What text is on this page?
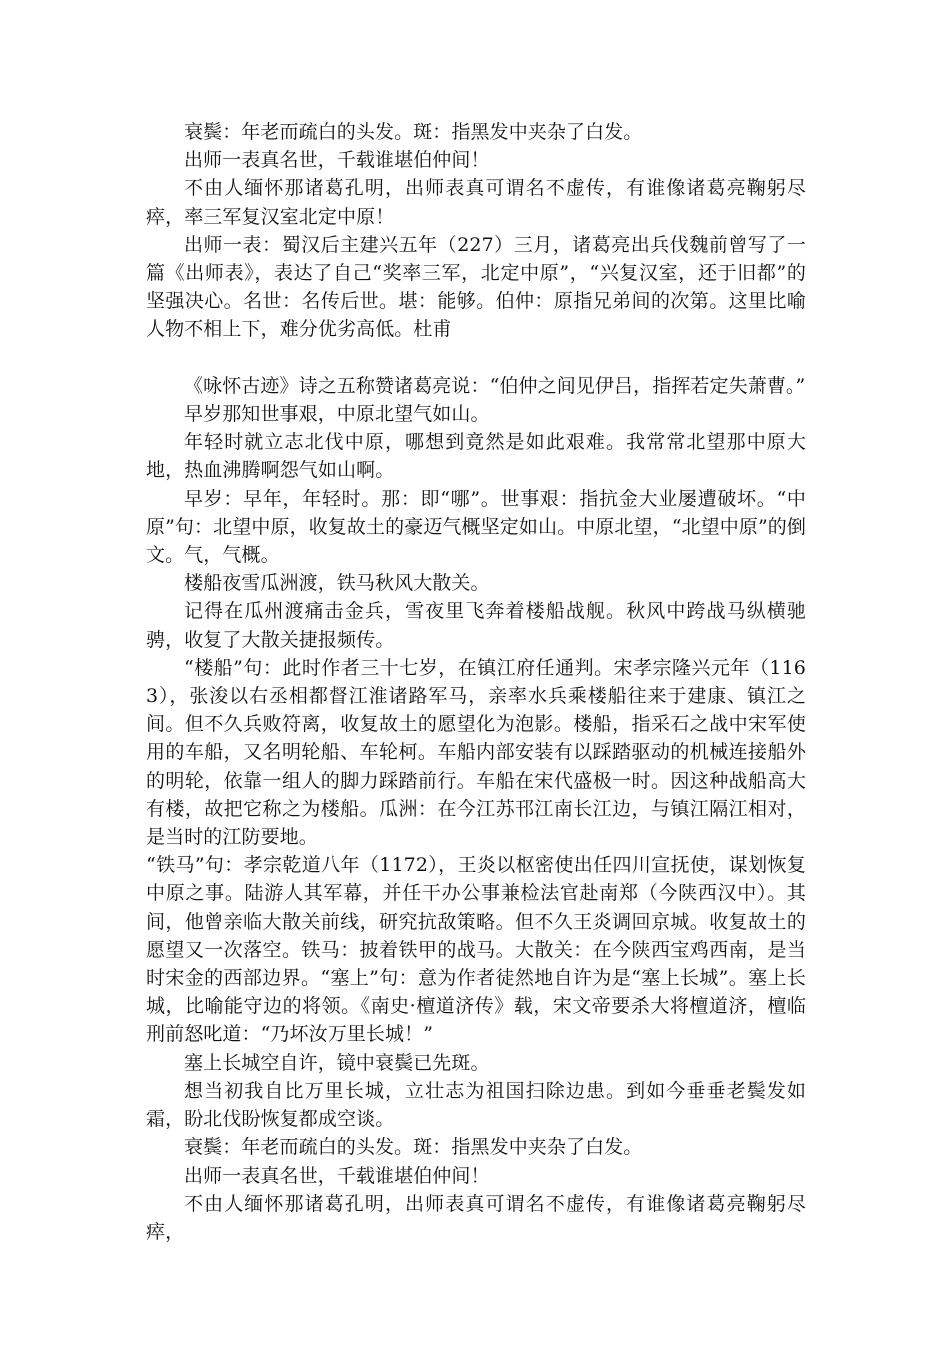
衰鬓：年老而疏白的头发。斑：指黑发中夹杂了白发。

出师一表真名世，千载谁堪伯仲间！

不由人缅怀那诸葛孔明，出师表真可谓名不虚传，有谁像诸葛亮鞠躬尽瘁，率三军复汉室北定中原！

出师一表：蜀汉后主建兴五年（227）三月，诸葛亮出兵伐魏前曾写了一篇《出师表》，表达了自己“奖率三军，北定中原”，“兴复汉室，还于旧都”的坚强决心。名世：名传后世。堪：能够。伯仲：原指兄弟间的次第。这里比喻人物不相上下，难分优劣高低。杜甫

《咏怀古迹》诗之五称赞诸葛亮说：“伯仲之间见伊吕，指挥若定失萧曹。”

早岁那知世事艰，中原北望气如山。

年轻时就立志北伐中原，哪想到竟然是如此艰难。我常常北望那中原大地，热血沸腾啊怨气如山啊。

早岁：早年，年轻时。那：即“哪”。世事艰：指抗金大业屡遭破坏。“中原”句：北望中原，收复故土的豪迈气概坚定如山。中原北望，“北望中原”的倒文。气，气概。

楼船夜雪瓜洲渡，铁马秋风大散关。

记得在瓜州渡痛击金兵，雪夜里飞奔着楼船战舰。秋风中跨战马纵横驰骋，收复了大散关捷报频传。

“楼船”句：此时作者三十七岁，在镇江府任通判。宋孝宗隆兴元年（1163），张浚以右丞相都督江淮诸路军马，亲率水兵乘楼船往来于建康、镇江之间。但不久兵败符离，收复故土的愿望化为泡影。楼船，指采石之战中宋军使用的车船，又名明轮船、车轮柯。车船内部安装有以踩踏驱动的机械连接船外的明轮，依靠一组人的脚力踩踏前行。车船在宋代盛极一时。因这种战船高大有楼，故把它称之为楼船。瓜洲：在今江苏邗江南长江边，与镇江隔江相对，是当时的江防要地。

“铁马”句：孝宗乾道八年（1172），王炎以枢密使出任四川宣抚使，谋划恢复中原之事。陆游人其军幕，并任干办公事兼检法官赴南郑（今陕西汉中）。其间，他曾亲临大散关前线，研究抗敌策略。但不久王炎调回京城。收复故土的愿望又一次落空。铁马：披着铁甲的战马。大散关：在今陕西宝鸡西南，是当时宋金的西部边界。“塞上”句：意为作者徒然地自许为是“塞上长城”。塞上长城，比喻能守边的将领。《南史·檀道济传》载，宋文帝要杀大将檀道济，檀临刑前怒叱道：“乃坏汝万里长城！”

塞上长城空自许，镜中衰鬓已先斑。

想当初我自比万里长城，立壮志为祖国扫除边患。到如今垂垂老鬓发如霜，盼北伐盼恢复都成空谈。

衰鬓：年老而疏白的头发。斑：指黑发中夹杂了白发。

出师一表真名世，千载谁堪伯仲间！

不由人缅怀那诸葛孔明，出师表真可谓名不虚传，有谁像诸葛亮鞠躬尽瘁，
